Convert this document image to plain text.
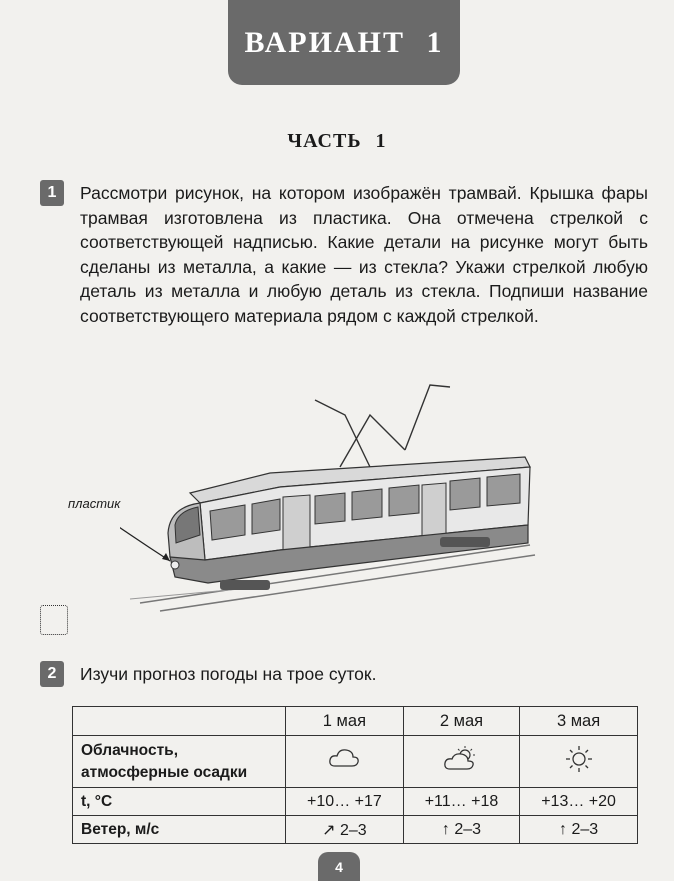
ВАРИАНТ 1
ЧАСТЬ 1
1	Рассмотри рисунок, на котором изображён трамвай. Крышка фары трамвая изготовлена из пластика. Она отмечена стрелкой с соответствующей надписью. Какие детали на рисунке могут быть сделаны из металла, а какие — из стекла? Укажи стрелкой любую деталь из металла и любую деталь из стекла. Подпиши название соответствующего материала рядом с каждой стрелкой.
пластик
2	Изучи прогноз погоды на трое суток.
	1 мая	2 мая	3 мая
Облачность, атмосферные осадки			
t, °С	+10… +17	+11… +18	+13… +20
Ветер, м/с	↗ 2–3	↑ 2–3	↑ 2–3
4
